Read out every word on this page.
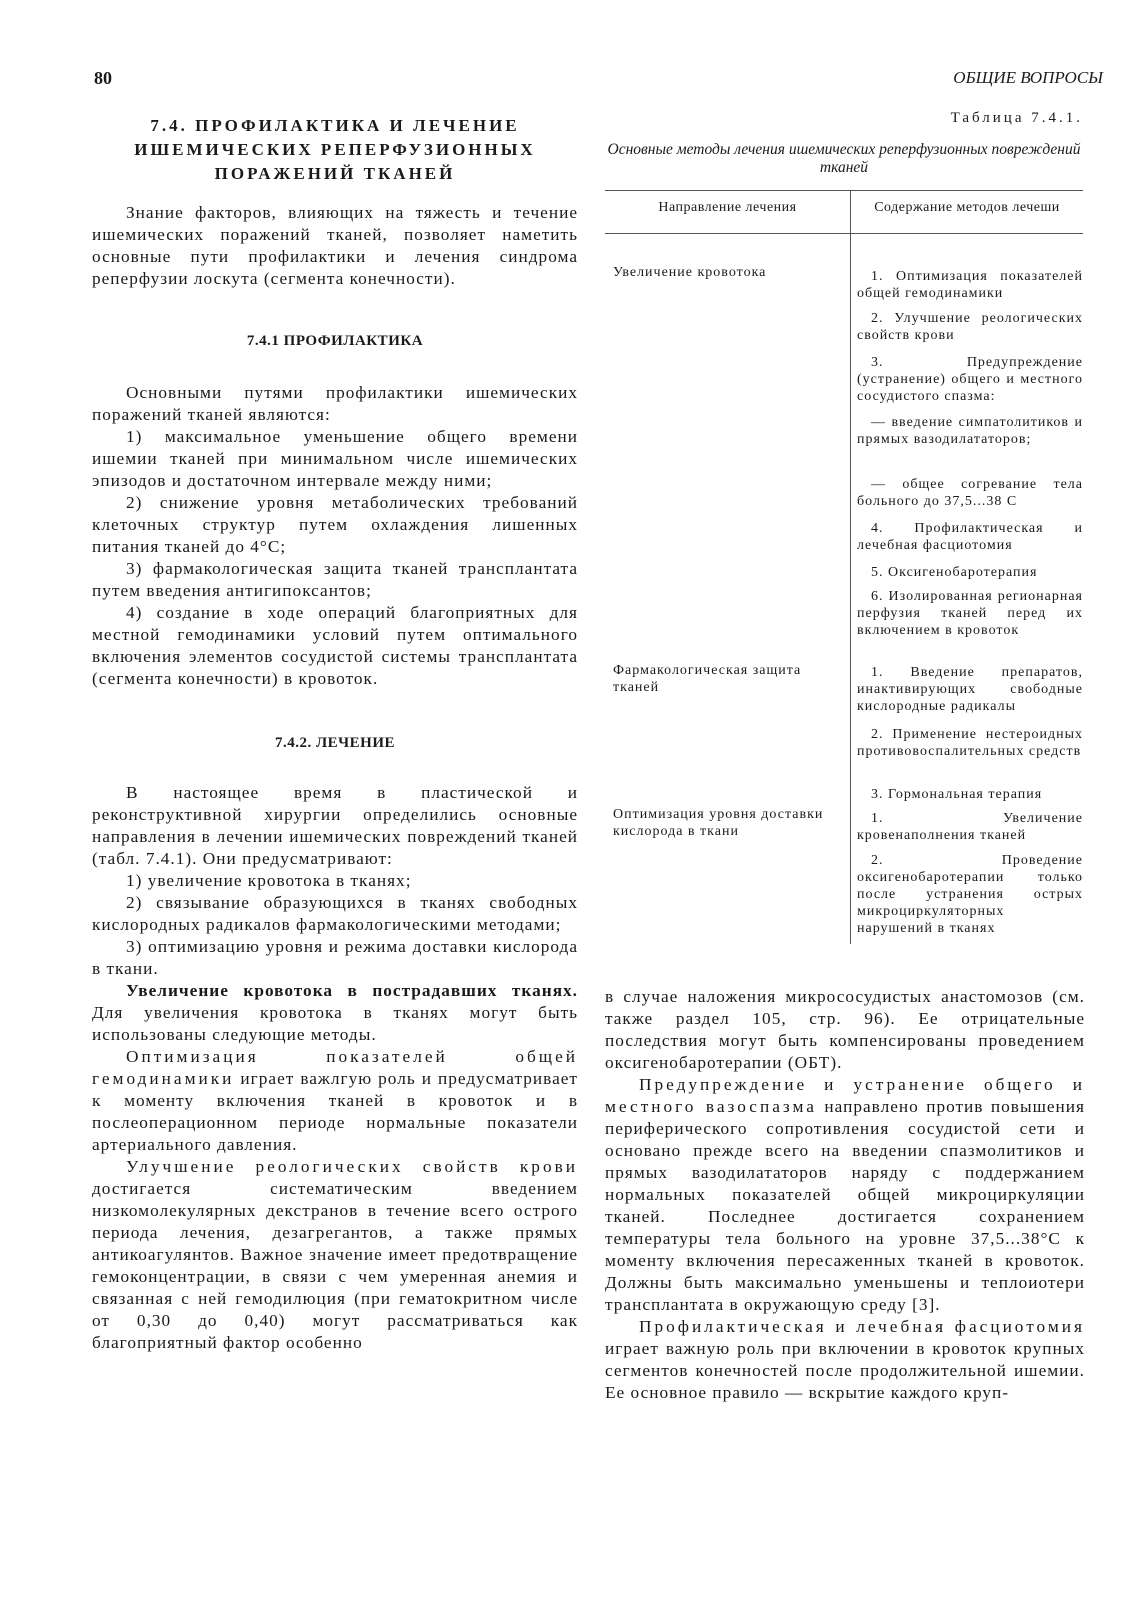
80	ОБЩИЕ ВОПРОСЫ
7.4. ПРОФИЛАКТИКА И ЛЕЧЕНИЕ
ИШЕМИЧЕСКИХ РЕПЕРФУЗИОННЫХ
ПОРАЖЕНИЙ ТКАНЕЙ

Знание факторов, влияющих на тяжесть и течение ишемических поражений тканей, позволяет наметить основные пути профилактики и лечения синдрома реперфузии лоскута (сегмента конечности).

7.4.1 ПРОФИЛАКТИКА

Основными путями профилактики ишемических поражений тканей являются:

1) максимальное уменьшение общего времени ишемии тканей при минимальном числе ишемических эпизодов и достаточном интервале между ними;

2) снижение уровня метаболических требований клеточных структур путем охлаждения лишенных питания тканей до 4°С;

3) фармакологическая защита тканей трансплантата путем введения антигипоксантов;

4) создание в ходе операций благоприятных для местной гемодинамики условий путем оптимального включения элементов сосудистой системы трансплантата (сегмента конечности) в кровоток.

7.4.2. ЛЕЧЕНИЕ

В настоящее время в пластической и реконструктивной хирургии определились основные направления в лечении ишемических повреждений тканей (табл. 7.4.1). Они предусматривают:

1) увеличение кровотока в тканях;

2) связывание образующихся в тканях свободных кислородных радикалов фармакологическими методами;

3) оптимизацию уровня и режима доставки кислорода в ткани.

Увеличение кровотока в пострадавших тканях. Для увеличения кровотока в тканях могут быть использованы следующие методы.

Оптимизация показателей общей гемодинамики играет важлгую роль и предусматривает к моменту включения тканей в кровоток и в послеоперационном периоде нормальные показатели артериального давления.

Улучшение реологических свойств крови достигается систематическим введением низкомолекулярных декстранов в течение всего острого периода лечения, дезагрегантов, а также прямых антикоагулянтов. Важное значение имеет предотвращение гемоконцентрации, в связи с чем умеренная анемия и связанная с ней гемодилюция (при гематокритном числе от 0,30 до 0,40) могут рассматриваться как благоприятный фактор особенно

Таблица 7.4.1.
Основные методы лечения ишемических реперфузионных повреждений тканей
Направление лечения	Содержание методов лечеши
Увеличение кровотока
Фармакологическая защита тканей
Оптимизация уровня доставки кислорода в ткани
1. Оптимизация показателей общей гемодинамики
2. Улучшение реологических свойств крови
3. Предупреждение (устранение) общего и местного сосудистого спазма:
— введение симпатолитиков и прямых вазодилататоров;
— общее согревание тела больного до 37,5...38 С
4. Профилактическая и лечебная фасциотомия
5. Оксигенобаротерапия
6. Изолированная регионарная перфузия тканей перед их включением в кровоток
1. Введение препаратов, инактивирующих свободные кислородные радикалы
2. Применение нестероидных противовоспалительных средств
3. Гормональная терапия
1. Увеличение кровенаполнения тканей
2. Проведение оксигенобаротерапии только после устранения острых микроциркуляторных нарушений в тканях

в случае наложения микрососудистых анастомозов (см. также раздел 105, стр. 96). Ее отрицательные последствия могут быть компенсированы проведением оксигенобаротерапии (ОБТ).

Предупреждение и устранение общего и местного вазоспазма направлено против повышения периферического сопротивления сосудистой сети и основано прежде всего на введении спазмолитиков и прямых вазодилататоров наряду с поддержанием нормальных показателей общей микроциркуляции тканей. Последнее достигается сохранением температуры тела больного на уровне 37,5...38°С к моменту включения пересаженных тканей в кровоток. Должны быть максимально уменьшены и теплоиотери трансплантата в окружающую среду [3].

Профилактическая и лечебная фасциотомия играет важную роль при включении в кровоток крупных сегментов конечностей после продолжительной ишемии. Ее основное правило — вскрытие каждого круп-
